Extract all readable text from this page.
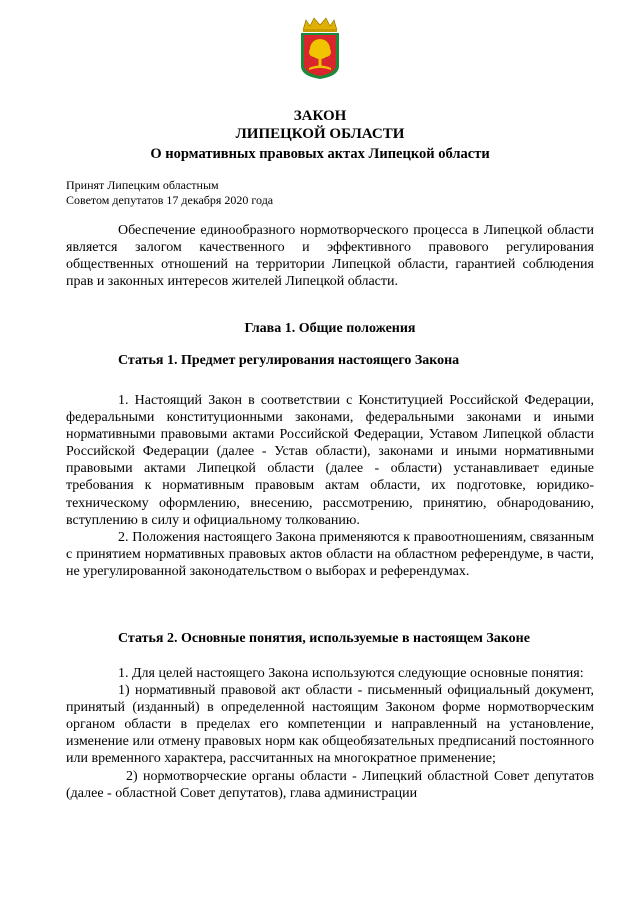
ЗАКОН
ЛИПЕЦКОЙ ОБЛАСТИ
О нормативных правовых актах Липецкой области
Принят Липецким областным
Советом депутатов 17 декабря 2020 года

Обеспечение единообразного нормотворческого процесса в Липецкой области является залогом качественного и эффективного правового регулирования общественных отношений на территории Липецкой области, гарантией соблюдения прав и законных интересов жителей Липецкой области.

Глава 1. Общие положения
Статья 1. Предмет регулирования настоящего Закона

1. Настоящий Закон в соответствии с Конституцией Российской Федерации, федеральными конституционными законами, федеральными законами и иными нормативными правовыми актами Российской Федерации, Уставом Липецкой области Российской Федерации (далее - Устав области), законами и иными нормативными правовыми актами Липецкой области (далее - области) устанавливает единые требования к нормативным правовым актам области, их подготовке, юридико-техническому оформлению, внесению, рассмотрению, принятию, обнародованию, вступлению в силу и официальному толкованию.

2. Положения настоящего Закона применяются к правоотношениям, связанным с принятием нормативных правовых актов области на областном референдуме, в части, не урегулированной законодательством о выборах и референдумах.

Статья 2. Основные понятия, используемые в настоящем Законе

1. Для целей настоящего Закона используются следующие основные понятия:

1) нормативный правовой акт области - письменный официальный документ, принятый (изданный) в определенной настоящим Законом форме нормотворческим органом области в пределах его компетенции и направленный на установление, изменение или отмену правовых норм как общеобязательных предписаний постоянного или временного характера, рассчитанных на многократное применение;

2) нормотворческие органы области - Липецкий областной Совет депутатов (далее - областной Совет депутатов), глава администрации
